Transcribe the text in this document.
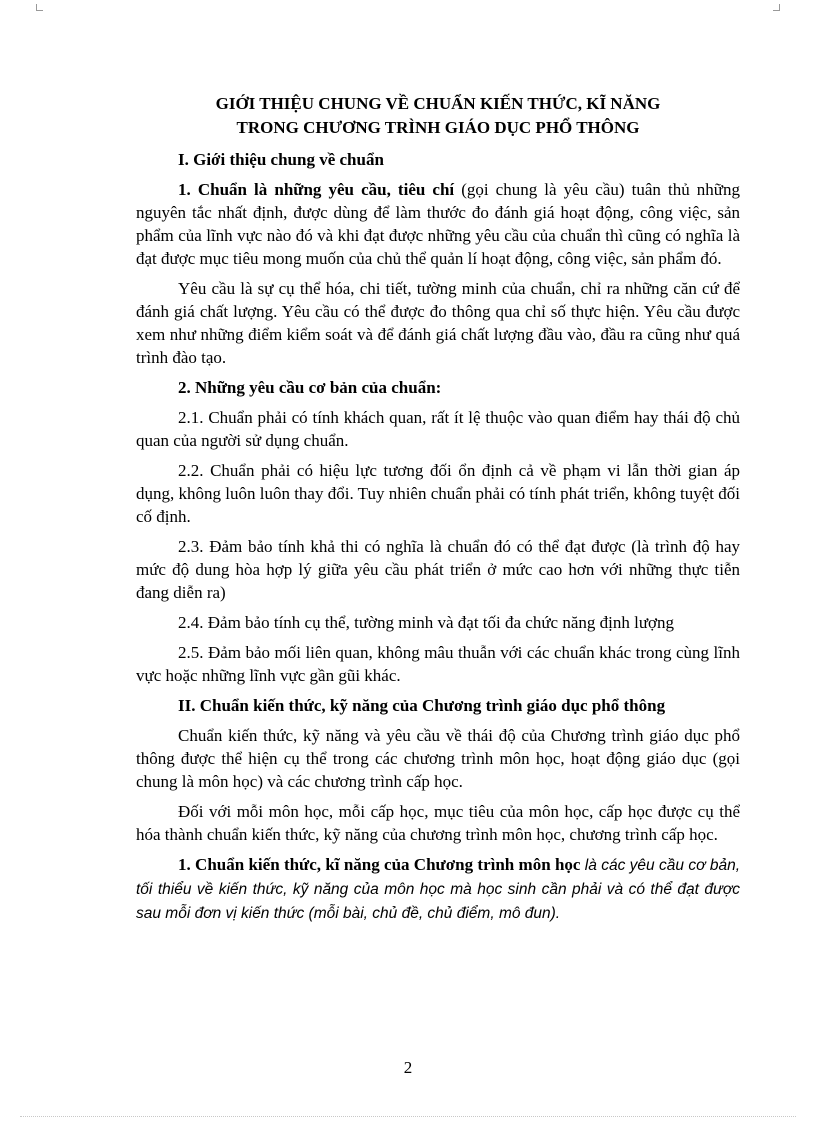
GIỚI THIỆU CHUNG VỀ CHUẨN KIẾN THỨC, KĨ NĂNG
TRONG CHƯƠNG TRÌNH GIÁO DỤC PHỔ THÔNG

I. Giới thiệu chung về chuẩn

1. Chuẩn là những yêu cầu, tiêu chí (gọi chung là yêu cầu) tuân thủ những nguyên tắc nhất định, được dùng để làm thước đo đánh giá hoạt động, công việc, sản phẩm của lĩnh vực nào đó và khi đạt được những yêu cầu của chuẩn thì cũng có nghĩa là đạt được mục tiêu mong muốn của chủ thể quản lí hoạt động, công việc, sản phẩm đó.

Yêu cầu là sự cụ thể hóa, chi tiết, tường minh của chuẩn, chỉ ra những căn cứ để đánh giá chất lượng. Yêu cầu có thể được đo thông qua chỉ số thực hiện. Yêu cầu được xem như những điểm kiểm soát và để đánh giá chất lượng đầu vào, đầu ra cũng như quá trình đào tạo.

2. Những yêu cầu cơ bản của chuẩn:

2.1. Chuẩn phải có tính khách quan, rất ít lệ thuộc vào quan điểm hay thái độ chủ quan của người sử dụng chuẩn.

2.2. Chuẩn phải có hiệu lực tương đối ổn định cả về phạm vi lẫn thời gian áp dụng, không luôn luôn thay đổi. Tuy nhiên chuẩn phải có tính phát triển, không tuyệt đối cố định.

2.3. Đảm bảo tính khả thi có nghĩa là chuẩn đó có thể đạt được (là trình độ hay mức độ dung hòa hợp lý giữa yêu cầu phát triển ở mức cao hơn với những thực tiễn đang diễn ra)

2.4. Đảm bảo tính cụ thể, tường minh và đạt tối đa chức năng định lượng

2.5. Đảm bảo mối liên quan, không mâu thuẫn với các chuẩn khác trong cùng lĩnh vực hoặc những lĩnh vực gần gũi khác.

II. Chuẩn kiến thức, kỹ năng của Chương trình giáo dục phổ thông

Chuẩn kiến thức, kỹ năng và yêu cầu về thái độ của Chương trình giáo dục phổ thông được thể hiện cụ thể trong các chương trình môn học, hoạt động giáo dục (gọi chung là môn học) và các chương trình cấp học.

Đối với mỗi môn học, mỗi cấp học, mục tiêu của môn học, cấp học được cụ thể hóa thành chuẩn kiến thức, kỹ năng của chương trình môn học, chương trình cấp học.

1. Chuẩn kiến thức, kĩ năng của Chương trình môn học là các yêu cầu cơ bản, tối thiểu về kiến thức, kỹ năng của môn học mà học sinh cần phải và có thể đạt được sau mỗi đơn vị kiến thức (mỗi bài, chủ đề, chủ điểm, mô đun).

2
